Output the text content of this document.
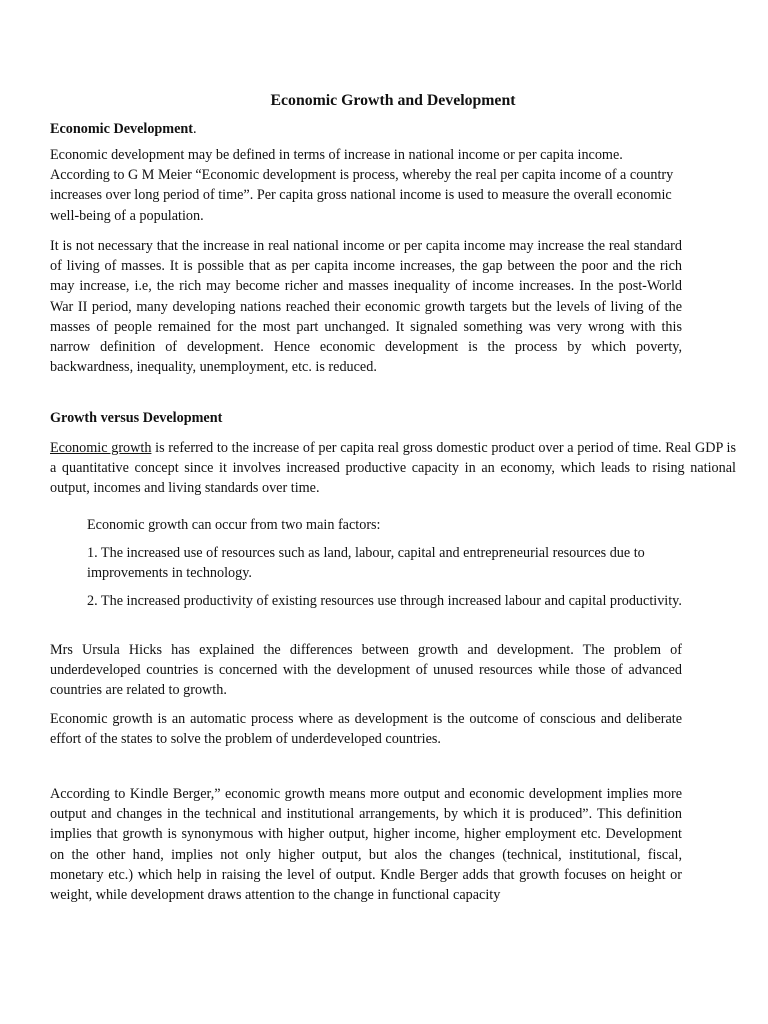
Economic Growth and Development
Economic Development.
Economic development may be defined in terms of increase in national income or per capita income. According to G M Meier “Economic development is process, whereby the real per capita income of a country increases over long period of time”. Per capita gross national income is used to measure the overall economic well-being of a population.
It is not necessary that the increase in real national income or per capita income may increase the real standard of living of masses. It is possible that as per capita income increases, the gap between the poor and the rich may increase, i.e, the rich may become richer and masses inequality of income increases. In the post-World War II period, many developing nations reached their economic growth targets but the levels of living of the masses of people remained for the most part unchanged. It signaled something was very wrong with this narrow definition of development. Hence economic development is the process by which poverty, backwardness, inequality, unemployment, etc. is reduced.
Growth versus Development
Economic growth is referred to the increase of per capita real gross domestic product over a period of time. Real GDP is a quantitative concept since it involves increased productive capacity in an economy, which leads to rising national output, incomes and living standards over time.
Economic growth can occur from two main factors:
1. The increased use of resources such as land, labour, capital and entrepreneurial resources due to improvements in technology.
2. The increased productivity of existing resources use through increased labour and capital productivity.
Mrs Ursula Hicks has explained the differences between growth and development. The problem of underdeveloped countries is concerned with the development of unused resources while those of advanced countries are related to growth.
Economic growth is an automatic process where as development is the outcome of conscious and deliberate effort of the states to solve the problem of underdeveloped countries.
According to Kindle Berger,” economic growth means more output and economic development implies more output and changes in the technical and institutional arrangements, by which it is produced”. This definition implies that growth is synonymous with higher output, higher income, higher employment etc. Development on the other hand, implies not only higher output, but alos the changes (technical, institutional, fiscal, monetary etc.) which help in raising the level of output. Kndle Berger adds that growth focuses on height or weight, while development draws attention to the change in functional capacity
